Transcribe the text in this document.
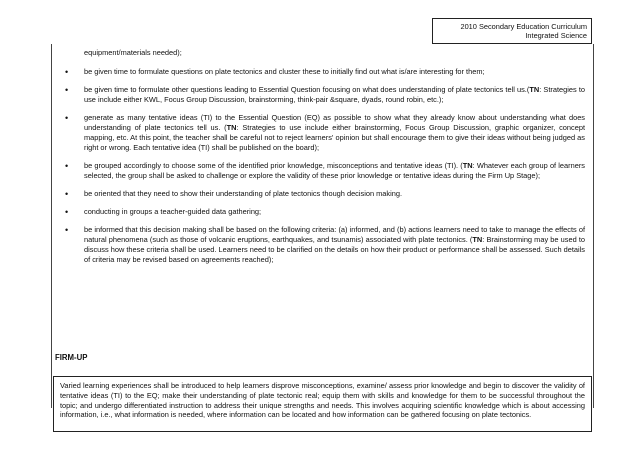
2010 Secondary Education Curriculum
Integrated Science
equipment/materials needed);
• be given time to formulate questions on plate tectonics and cluster these to initially find out what is/are interesting for them;
• be given time to formulate other questions leading to Essential Question focusing on what does understanding of plate tectonics tell us.(TN: Strategies to use include either KWL, Focus Group Discussion, brainstorming, think-pair &square, dyads, round robin, etc.);
• generate as many tentative ideas (TI) to the Essential Question (EQ) as possible to show what they already know about understanding what does understanding of plate tectonics tell us. (TN: Strategies to use include either brainstorming, Focus Group Discussion, graphic organizer, concept mapping, etc. At this point, the teacher shall be careful not to reject learners' opinion but shall encourage them to give their ideas without being judged as right or wrong. Each tentative idea (TI) shall be published on the board);
• be grouped accordingly to choose some of the identified prior knowledge, misconceptions and tentative ideas (TI). (TN: Whatever each group of learners selected, the group shall be asked to challenge or explore the validity of these prior knowledge or tentative ideas during the Firm Up Stage);
• be oriented that they need to show their understanding of plate tectonics though decision making.
• conducting in groups a teacher-guided data gathering;
• be informed that this decision making shall be based on the following criteria: (a) informed, and (b) actions learners need to take to manage the effects of natural phenomena (such as those of volcanic eruptions, earthquakes, and tsunamis) associated with plate tectonics. (TN: Brainstorming may be used to discuss how these criteria shall be used. Learners need to be clarified on the details on how their product or performance shall be assessed. Such details of criteria may be revised based on agreements reached);
FIRM-UP
Varied learning experiences shall be introduced to help learners disprove misconceptions, examine/ assess prior knowledge and begin to discover the validity of tentative ideas (TI) to the EQ; make their understanding of plate tectonic real; equip them with skills and knowledge for them to be successful throughout the topic; and undergo differentiated instruction to address their unique strengths and needs. This involves acquiring scientific knowledge which is about accessing information, i.e., what information is needed, where information can be located and how information can be gathered focusing on plate tectonics.
